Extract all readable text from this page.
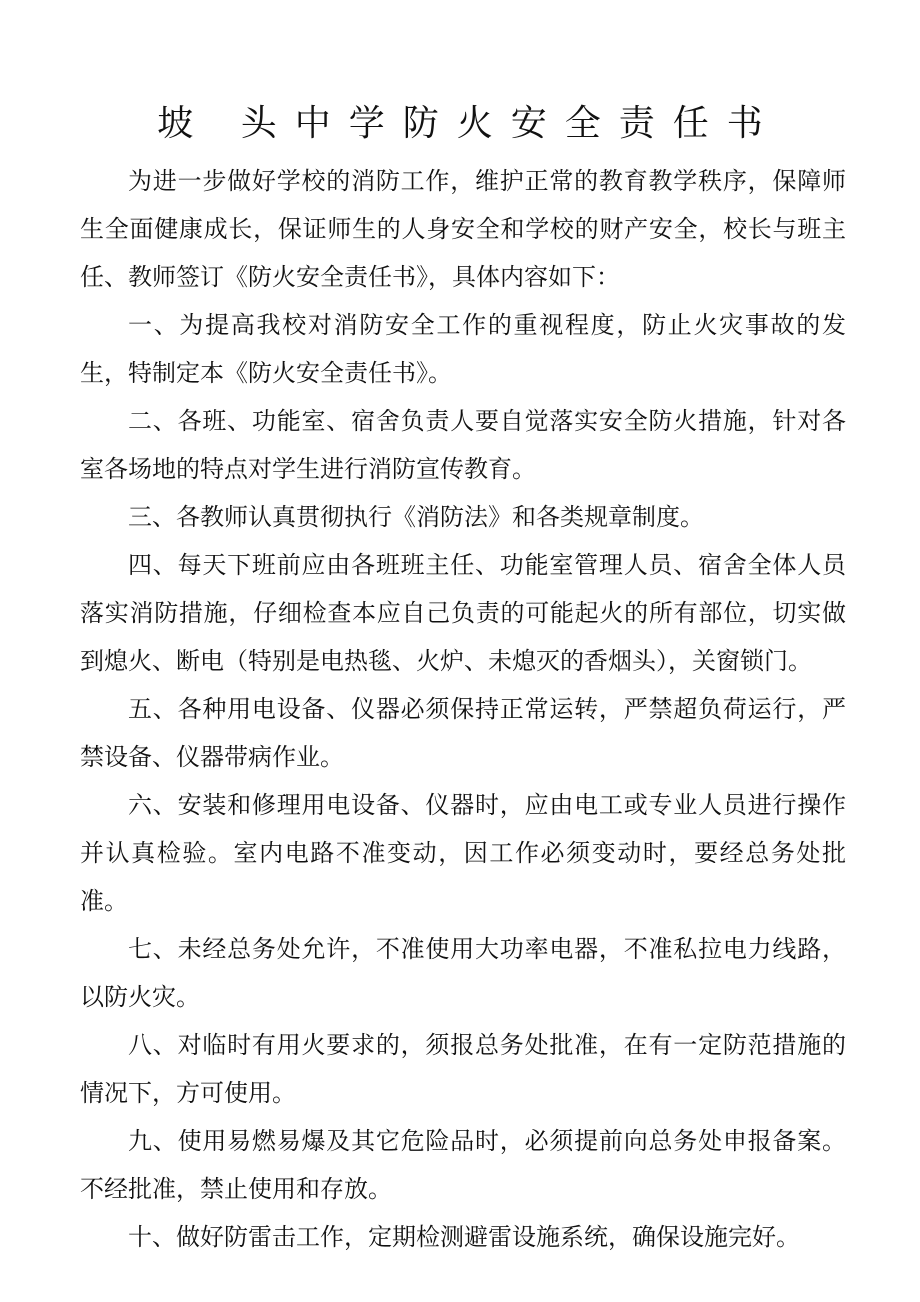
坡 头中学防火安全责任书

为进一步做好学校的消防工作，维护正常的教育教学秩序，保障师生全面健康成长，保证师生的人身安全和学校的财产安全，校长与班主任、教师签订《防火安全责任书》，具体内容如下：

一、为提高我校对消防安全工作的重视程度，防止火灾事故的发生，特制定本《防火安全责任书》。

二、各班、功能室、宿舍负责人要自觉落实安全防火措施，针对各室各场地的特点对学生进行消防宣传教育。

三、各教师认真贯彻执行《消防法》和各类规章制度。

四、每天下班前应由各班班主任、功能室管理人员、宿舍全体人员落实消防措施，仔细检查本应自己负责的可能起火的所有部位，切实做到熄火、断电（特别是电热毯、火炉、未熄灭的香烟头），关窗锁门。

五、各种用电设备、仪器必须保持正常运转，严禁超负荷运行，严禁设备、仪器带病作业。

六、安装和修理用电设备、仪器时，应由电工或专业人员进行操作并认真检验。室内电路不准变动，因工作必须变动时，要经总务处批准。

七、未经总务处允许，不准使用大功率电器，不准私拉电力线路，以防火灾。

八、对临时有用火要求的，须报总务处批准，在有一定防范措施的情况下，方可使用。

九、使用易燃易爆及其它危险品时，必须提前向总务处申报备案。不经批准，禁止使用和存放。

十、做好防雷击工作，定期检测避雷设施系统，确保设施完好。
